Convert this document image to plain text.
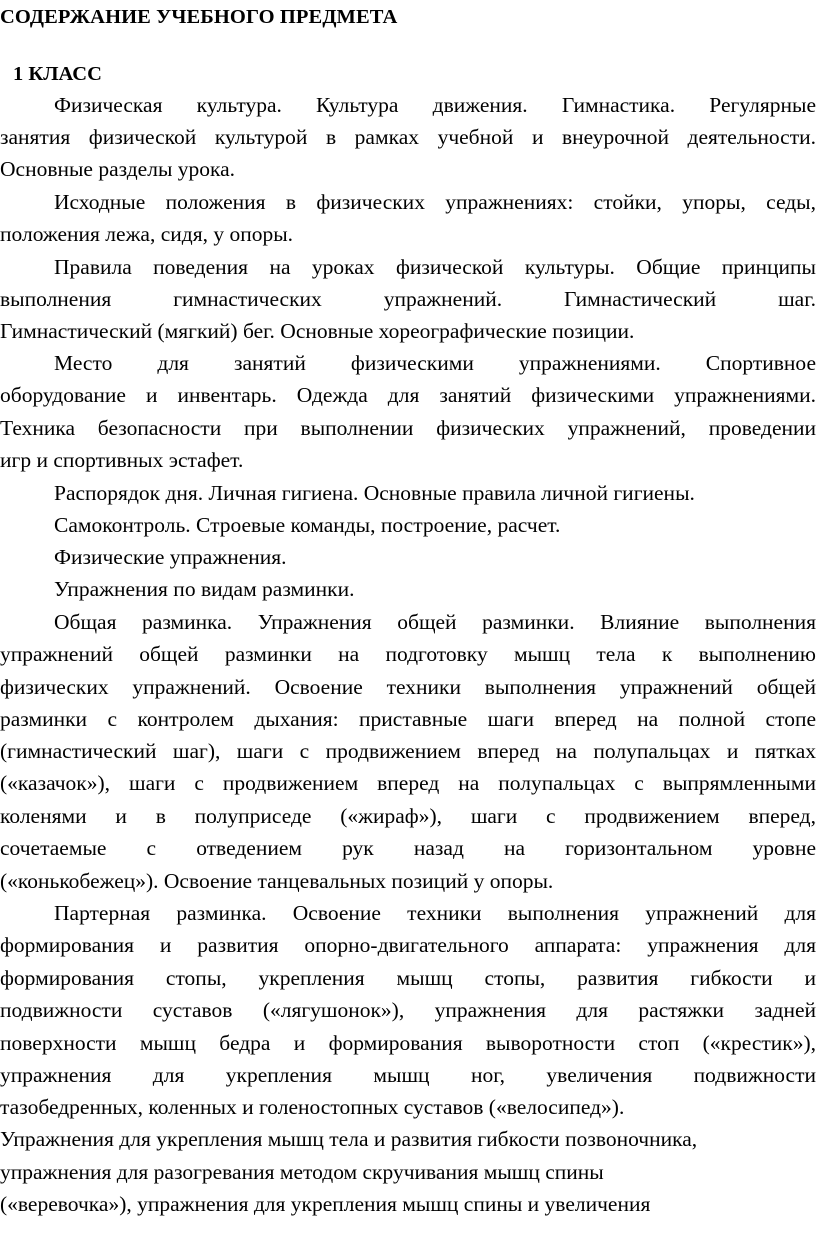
СОДЕРЖАНИЕ УЧЕБНОГО ПРЕДМЕТА
1 КЛАСС
Физическая культура. Культура движения. Гимнастика. Регулярные
занятия физической культурой в рамках учебной и внеурочной деятельности.
Основные разделы урока.
Исходные положения в физических упражнениях: стойки, упоры, седы,
положения лежа, сидя, у опоры.
Правила поведения на уроках физической культуры. Общие принципы
выполнения гимнастических упражнений. Гимнастический шаг.
Гимнастический (мягкий) бег. Основные хореографические позиции.
Место для занятий физическими упражнениями. Спортивное
оборудование и инвентарь. Одежда для занятий физическими упражнениями.
Техника безопасности при выполнении физических упражнений, проведении
игр и спортивных эстафет.
Распорядок дня. Личная гигиена. Основные правила личной гигиены.
Самоконтроль. Строевые команды, построение, расчет.
Физические упражнения.
Упражнения по видам разминки.
Общая разминка. Упражнения общей разминки. Влияние выполнения
упражнений общей разминки на подготовку мышц тела к выполнению
физических упражнений. Освоение техники выполнения упражнений общей
разминки с контролем дыхания: приставные шаги вперед на полной стопе
(гимнастический шаг), шаги с продвижением вперед на полупальцах и пятках
(«казачок»), шаги с продвижением вперед на полупальцах с выпрямленными
коленями и в полуприседе («жираф»), шаги с продвижением вперед,
сочетаемые с отведением рук назад на горизонтальном уровне
(«конькобежец»). Освоение танцевальных позиций у опоры.
Партерная разминка. Освоение техники выполнения упражнений для
формирования и развития опорно-двигательного аппарата: упражнения для
формирования стопы, укрепления мышц стопы, развития гибкости и
подвижности суставов («лягушонок»), упражнения для растяжки задней
поверхности мышц бедра и формирования выворотности стоп («крестик»),
упражнения для укрепления мышц ног, увеличения подвижности
тазобедренных, коленных и голеностопных суставов («велосипед»).
Упражнения для укрепления мышц тела и развития гибкости позвоночника,
упражнения для разогревания методом скручивания мышц спины
(«веревочка»), упражнения для укрепления мышц спины и увеличения
